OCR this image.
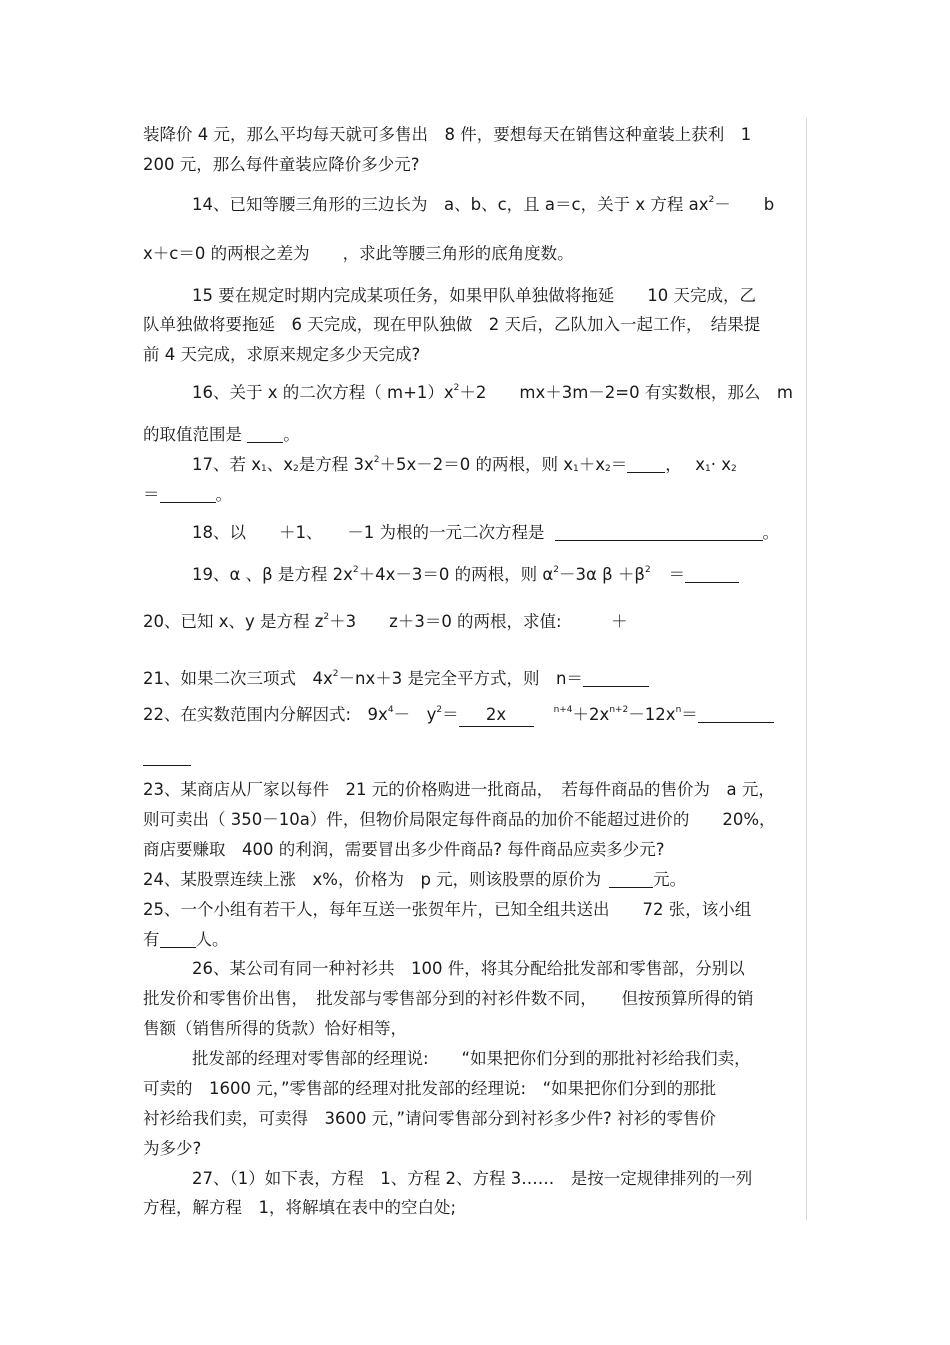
装降价 4 元，那么平均每天就可多售出　8 件，要想每天在销售这种童装上获利　1
200 元，那么每件童装应降价多少元?
14、已知等腰三角形的三边长为　a、b、c，且 a＝c，关于 x 方程 $ax^2-$　　b
x＋c＝0 的两根之差为　　，求此等腰三角形的底角度数。
15 要在规定时期内完成某项任务，如果甲队单独做将拖延　　10 天完成，乙
队单独做将要拖延　6 天完成，现在甲队独做　2 天后，乙队加入一起工作，　结果提
前 4 天完成，求原来规定多少天完成?
16、关于 x 的二次方程（ $m+1)x^2+2$　　mx＋3m－2=0 有实数根，那么　m
的取值范围是	。
17、若 $x_1$、$x_2$是方程 $3x^2+5x-2=0$ 的两根，则 $x_1+x_2=$ ，　 $x_1\cdot x_2$
＝	。
18、以　　＋1、　　－1 为根的一元二次方程是	。
19、α 、β 是方程 $2x^2+4x-3=0$ 的两根，则 $\alpha^2-3\alpha$ $\beta +\beta^2$ ＝
20、已知 x、y 是方程 $z^2+3$　　z＋3＝0 的两根，求值:　　　＋
21、如果二次三项式　$4x^2-nx+3$ 是完全平方式，则　n＝
22、在实数范围内分解因式:　$9x^4-$　$y^2= 2x$	$^{n+4}+2x^{n+2}-12x^n=$
23、某商店从厂家以每件　21 元的价格购进一批商品，　若每件商品的售价为　a 元，
则可卖出（ 350－10a）件，但物价局限定每件商品的加价不能超过进价的　　20%，
商店要赚取　400 的利润，需要冒出多少件商品? 每件商品应卖多少元?
24、某股票连续上涨　x%，价格为　p 元，则该股票的原价为	元。
25、一个小组有若干人，每年互送一张贺年片，已知全组共送出　　72 张，该小组
有 人。
26、某公司有同一种衬衫共　100 件，将其分配给批发部和零售部，分别以
批发价和零售价出售，　批发部与零售部分到的衬衫件数不同，　　但按预算所得的销
售额（销售所得的货款）恰好相等，
批发部的经理对零售部的经理说:　　“如果把你们分到的那批衬衫给我们卖，
可卖的　1600 元，”零售部的经理对批发部的经理说:　“如果把你们分到的那批
衬衫给我们卖，可卖得　3600 元，”请问零售部分到衬衫多少件? 衬衫的零售价
为多少?
27、（1）如下表，方程　1、方程 2、方程 3……　是按一定规律排列的一列
方程，解方程　1，将解填在表中的空白处;
